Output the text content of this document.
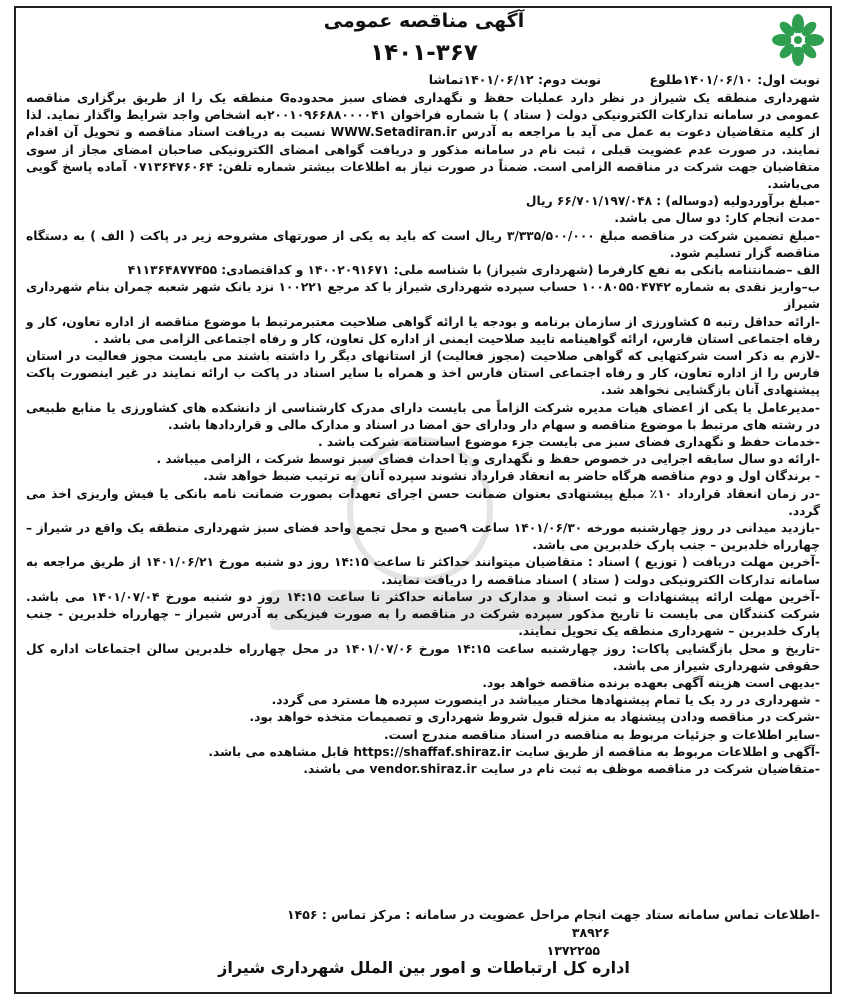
آگهی مناقصه عمومی
۱۴۰۱-۳۶۷
نوبت اول: ۱۴۰۱/۰۶/۱۰طلوع نوبت دوم: ۱۴۰۱/۰۶/۱۲تماشا

شهرداری منطقه یک شیراز در نظر دارد عملیات حفظ و نگهداری فضای سبز محدودهG منطقه یک را از طریق برگزاری مناقصه عمومی در سامانه تدارکات الکترونیکی دولت ( ستاد ) با شماره فراخوان ۲۰۰۱۰۹۶۶۸۸۰۰۰۰۴۱به اشخاص واجد شرایط واگذار نماید. لذا از کلیه متقاضیان دعوت به عمل می آید با مراجعه به آدرس WWW.Setadiran.ir نسبت به دریافت اسناد مناقصه و تحویل آن اقدام نمایند. در صورت عدم عضویت قبلی ، ثبت نام در سامانه مذکور و دریافت گواهی امضای الکترونیکی صاحبان امضای مجاز از سوی متقاضیان جهت شرکت در مناقصه الزامی است. ضمناً در صورت نیاز به اطلاعات بیشتر شماره تلفن: ۰۷۱۳۶۴۷۶۰۶۴ آماده پاسخ گویی می‌باشد.

-مبلغ برآوردولیه (دوساله) : ۶۶/۷۰۱/۱۹۷/۰۴۸ ریال

-مدت انجام کار: دو سال می باشد.

-مبلغ تضمین شرکت در مناقصه مبلغ ۳/۳۳۵/۵۰۰/۰۰۰ ریال است که باید به یکی از صورتهای مشروحه زیر در پاکت ( الف ) به دستگاه مناقصه گزار تسلیم شود.

الف –ضمانتنامه بانکی به نفع کارفرما (شهرداری شیراز) با شناسه ملی: ۱۴۰۰۲۰۹۱۶۷۱ و کداقتصادی: ۴۱۱۳۶۴۸۷۷۴۵۵

ب–واریز نقدی به شماره ۱۰۰۸۰۵۵۰۴۷۴۲ حساب سپرده شهرداری شیراز با کد مرجع ۱۰۰۲۲۱ نزد بانک شهر شعبه چمران بنام شهرداری شیراز

-ارائه حداقل رتبه ۵ کشاورزی از سازمان برنامه و بودجه یا ارائه گواهی صلاحیت معتبرمرتبط با موضوع مناقصه از اداره تعاون، کار و رفاه اجتماعی استان فارس، ارائه گواهینامه تایید صلاحیت ایمنی از اداره کل تعاون، کار و رفاه اجتماعی الزامی می باشد .

-لازم به ذکر است شرکتهایی که گواهی صلاحیت (مجوز فعالیت) از استانهای دیگر را داشته باشند می بایست مجوز فعالیت در استان فارس را از اداره تعاون، کار و رفاه اجتماعی استان فارس اخذ و همراه با سایر اسناد در پاکت ب ارائه نمایند در غیر اینصورت پاکت پیشنهادی آنان بازگشایی نخواهد شد.

-مدیرعامل یا یکی از اعضای هیات مدیره شرکت الزاماً می بایست دارای مدرک کارشناسی از دانشکده های کشاورزی یا منابع طبیعی در رشته های مرتبط با موضوع مناقصه و سهام دار ودارای حق امضا در اسناد و مدارک مالی و قراردادها باشد.

-خدمات حفظ و نگهداری فضای سبز می بایست جزء موضوع اساسنامه شرکت باشد .

-ارائه دو سال سابقه اجرایی در خصوص حفظ و نگهداری و یا احداث فضای سبز توسط شرکت ، الزامی میباشد .

- برندگان اول و دوم مناقصه هرگاه حاضر به انعقاد قرارداد نشوند سپرده آنان به ترتیب ضبط خواهد شد.

-در زمان انعقاد قرارداد ۱۰٪ مبلغ پیشنهادی بعنوان ضمانت حسن اجرای تعهدات بصورت ضمانت نامه بانکی یا فیش واریزی اخذ می گردد.

-بازدید میدانی در روز چهارشنبه مورخه ۱۴۰۱/۰۶/۳۰ ساعت ۹صبح و محل تجمع واحد فضای سبز شهرداری منطقه یک واقع در شیراز – چهارراه خلدبرین – جنب پارک خلدبرین می باشد.

-آخرین مهلت دریافت ( توزیع ) اسناد : متقاضیان میتوانند حداکثر تا ساعت ۱۴:۱۵ روز دو شنبه مورخ ۱۴۰۱/۰۶/۲۱ از طریق مراجعه به سامانه تدارکات الکترونیکی دولت ( ستاد ) اسناد مناقصه را دریافت نمایند.

-آخرین مهلت ارائه پیشنهادات و ثبت اسناد و مدارک در سامانه حداکثر تا ساعت ۱۴:۱۵ روز دو شنبه مورخ ۱۴۰۱/۰۷/۰۴ می باشد. شرکت کنندگان می بایست تا تاریخ مذکور سپرده شرکت در مناقصه را به صورت فیزیکی به آدرس شیراز – چهارراه خلدبرین - جنب پارک خلدبرین – شهرداری منطقه یک تحویل نمایند.

-تاریخ و محل بازگشایی پاکات: روز چهارشنبه ساعت ۱۴:۱۵ مورخ ۱۴۰۱/۰۷/۰۶ در محل چهارراه خلدبرین سالن اجتماعات اداره کل حقوقی شهرداری شیراز می باشد.

-بدیهی است هزینه آگهی بعهده برنده مناقصه خواهد بود.

- شهرداری در رد یک یا تمام پیشنهادها مختار میباشد در اینصورت سپرده ها مسترد می گردد.

-شرکت در مناقصه ودادن پیشنهاد به منزله قبول شروط شهرداری و تصمیمات متخذه خواهد بود.

-سایر اطلاعات و جزئیات مربوط به مناقصه در اسناد مناقصه مندرج است.

-آگهی و اطلاعات مربوط به مناقصه از طریق سایت https://shaffaf.shiraz.ir قابل مشاهده می باشد.

-متقاضیان شرکت در مناقصه موظف به ثبت نام در سایت vendor.shiraz.ir می باشند.

-اطلاعات تماس سامانه ستاد جهت انجام مراحل عضویت در سامانه : مرکز تماس : ۱۴۵۶
۳۸۹۲۶
۱۳۷۲۲۵۵
اداره کل ارتباطات و امور بین الملل شهرداری شیراز
